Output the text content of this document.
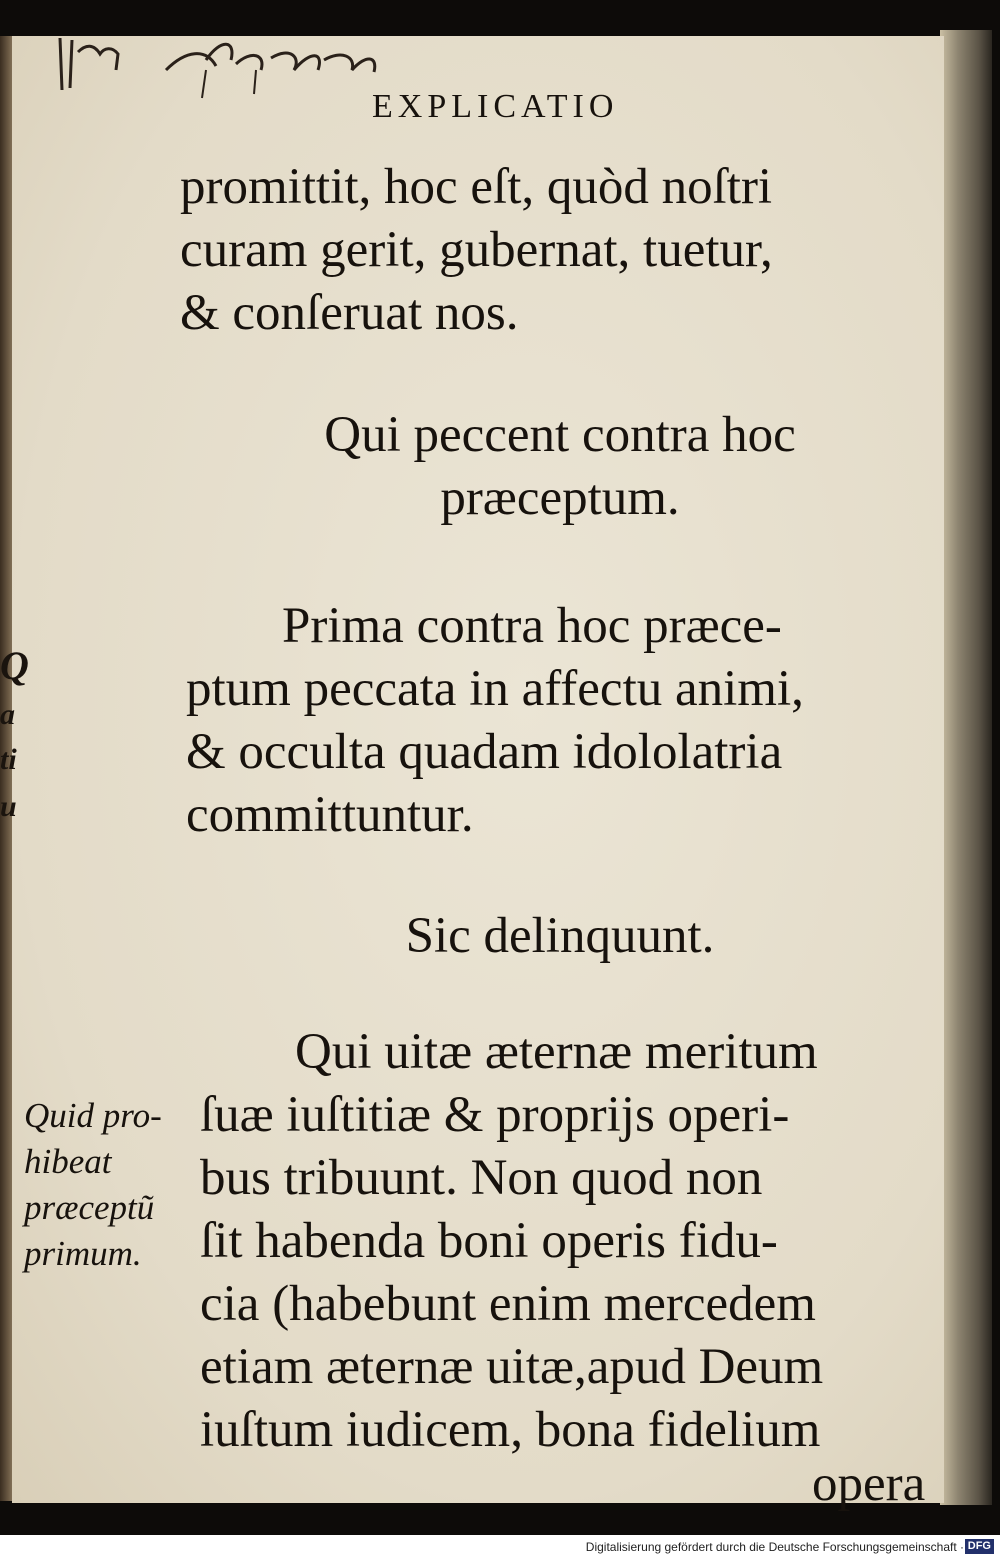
Q
a
ti
u
EXPLICATIO

promittit, hoc eſt, quòd noſtri
curam gerit, gubernat, tuetur,
& conſeruat nos.

Qui peccent contra hoc
præceptum.

Prima contra hoc præce-
ptum peccata in affectu animi,
& occulta quadam idololatria
committuntur.

Sic delinquunt.

Qui uitæ æternæ meritum
ſuæ iuſtitiæ & proprijs operi-
bus tribuunt. Non quod non
ſit habenda boni operis fidu-
cia (habebunt enim mercedem
etiam æternæ uitæ,apud Deum
iuſtum iudicem, bona fidelium

opera
Quid pro-
hibeat
præceptũ
primum.
Digitalisierung gefördert durch die Deutsche Forschungsgemeinschaft · DFG
